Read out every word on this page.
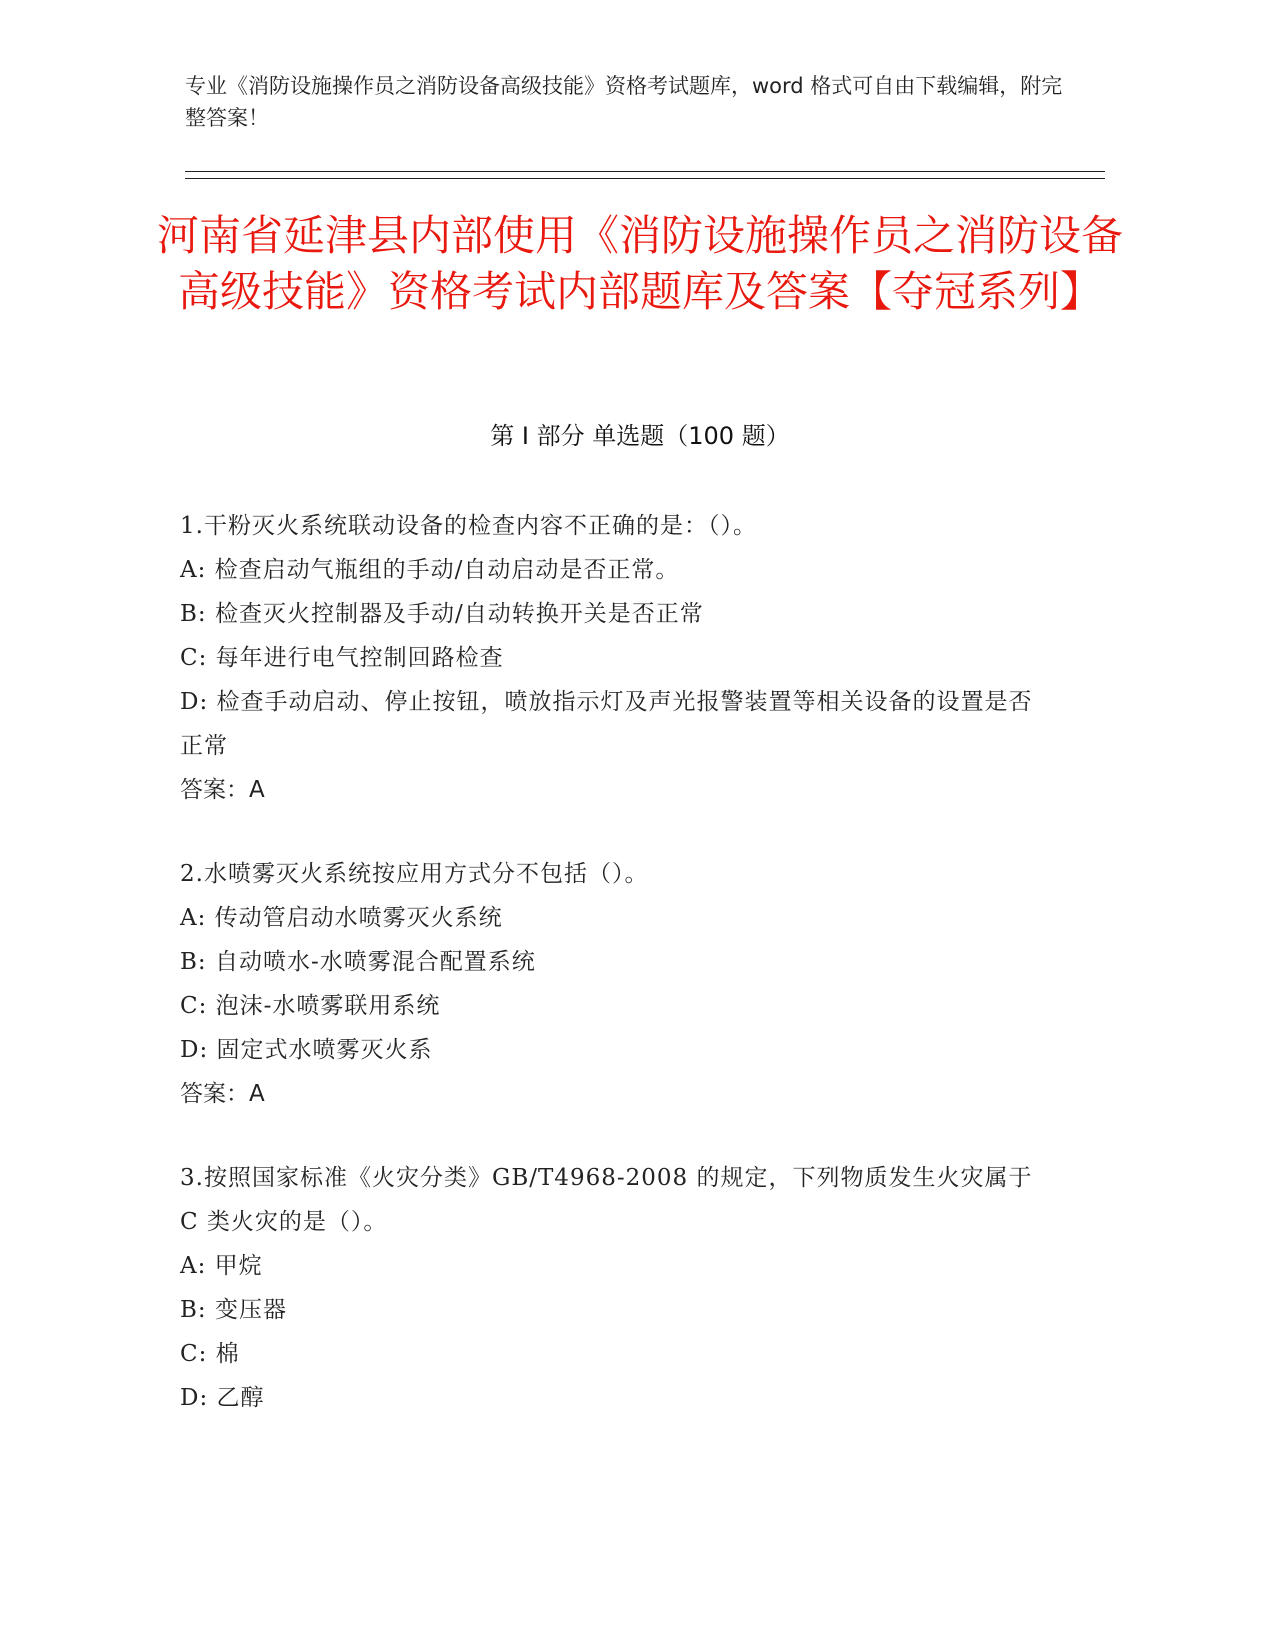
专业《消防设施操作员之消防设备高级技能》资格考试题库，word 格式可自由下载编辑，附完整答案！
河南省延津县内部使用《消防设施操作员之消防设备高级技能》资格考试内部题库及答案【夺冠系列】
第 I 部分 单选题（100 题）

1.干粉灭火系统联动设备的检查内容不正确的是：（）。

A: 检查启动气瓶组的手动/自动启动是否正常。

B: 检查灭火控制器及手动/自动转换开关是否正常

C: 每年进行电气控制回路检查

D: 检查手动启动、停止按钮，喷放指示灯及声光报警装置等相关设备的设置是否正常

答案：A

2.水喷雾灭火系统按应用方式分不包括（）。

A: 传动管启动水喷雾灭火系统

B: 自动喷水-水喷雾混合配置系统

C: 泡沫-水喷雾联用系统

D: 固定式水喷雾灭火系

答案：A

3.按照国家标准《火灾分类》GB/T4968-2008 的规定，下列物质发生火灾属于 C 类火灾的是（）。

A: 甲烷

B: 变压器

C: 棉

D: 乙醇
